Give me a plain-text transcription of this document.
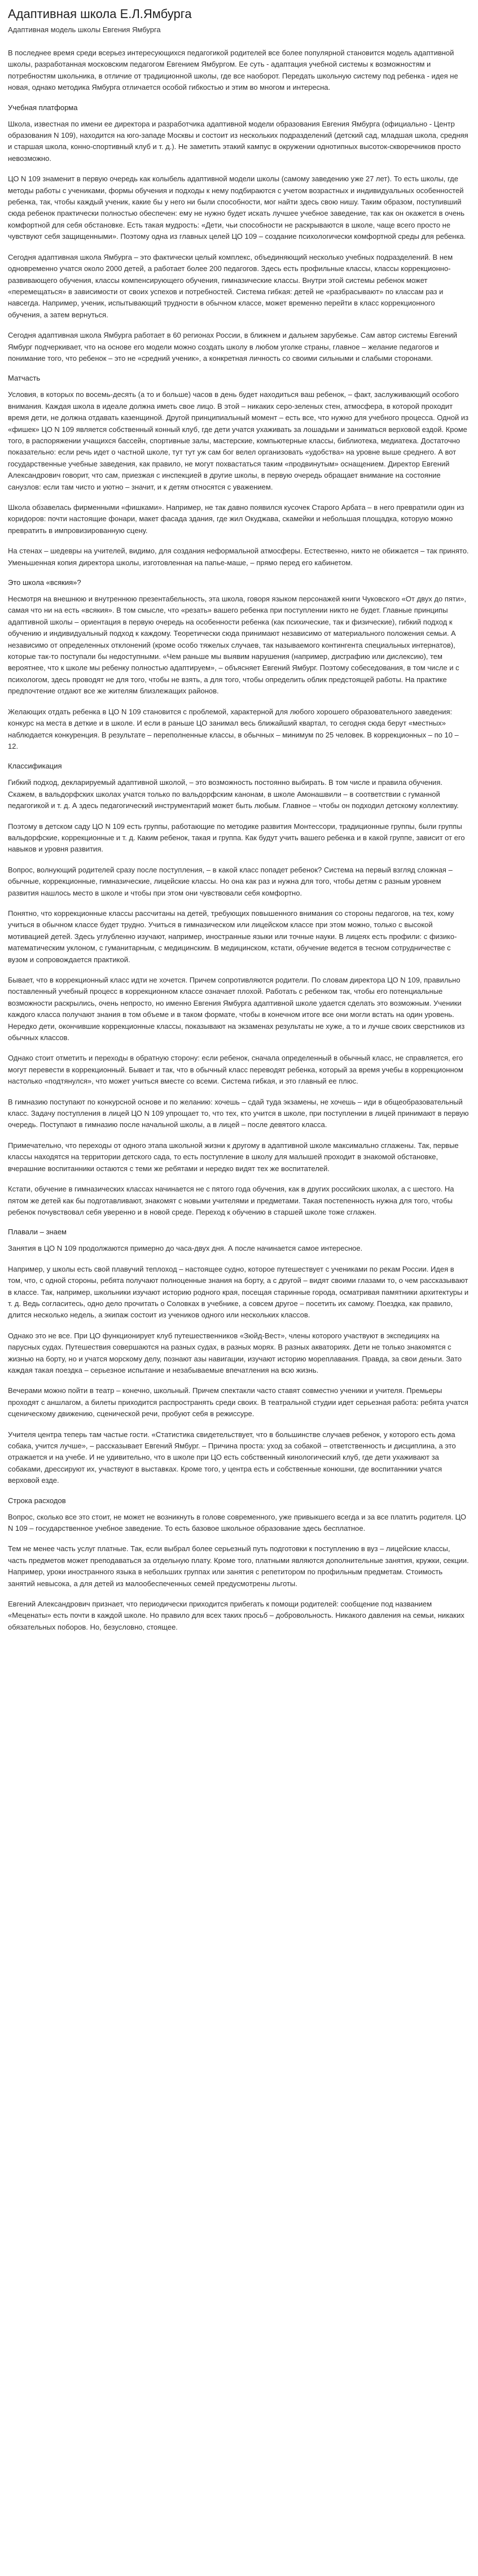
Адаптивная школа Е.Л.Ямбурга

Адаптивная модель школы Евгения Ямбурга

В последнее время среди всерьез интересующихся педагогикой родителей все более популярной становится модель адаптивной школы, разработанная московским педагогом Евгением Ямбургом. Ее суть - адаптация учебной системы к возможностям и потребностям школьника, в отличие от традиционной школы, где все наоборот. Передать школьную систему под ребенка - идея не новая, однако методика Ямбурга отличается особой гибкостью и этим во многом и интересна.

Учебная платформа

Школа, известная по имени ее директора и разработчика адаптивной модели образования Евгения Ямбурга (официально - Центр образования N 109), находится на юго-западе Москвы и состоит из нескольких подразделений (детский сад, младшая школа, средняя и старшая школа, конно-спортивный клуб и т. д.). Не заметить этакий кампус в окружении однотипных высоток-скворечников просто невозможно.

ЦО N 109 знаменит в первую очередь как колыбель адаптивной модели школы (самому заведению уже 27 лет). То есть школы, где методы работы с учениками, формы обучения и подходы к нему подбираются с учетом возрастных и индивидуальных особенностей ребенка, так, чтобы каждый ученик, какие бы у него ни были способности, мог найти здесь свою нишу. Таким образом, поступивший сюда ребенок практически полностью обеспечен: ему не нужно будет искать лучшее учебное заведение, так как он окажется в очень комфортной для себя обстановке. Есть такая мудрость: «Дети, чьи способности не раскрываются в школе, чаще всего просто не чувствуют себя защищенными». Поэтому одна из главных целей ЦО 109 – создание психологически комфортной среды для ребенка.

Сегодня адаптивная школа Ямбурга – это фактически целый комплекс, объединяющий несколько учебных подразделений. В нем одновременно учатся около 2000 детей, а работает более 200 педагогов. Здесь есть профильные классы, классы коррекционно-развивающего обучения, классы компенсирующего обучения, гимназические классы. Внутри этой системы ребенок может «перемещаться» в зависимости от своих успехов и потребностей. Система гибкая: детей не «разбрасывают» по классам раз и навсегда. Например, ученик, испытывающий трудности в обычном классе, может временно перейти в класс коррекционного обучения, а затем вернуться.

Сегодня адаптивная школа Ямбурга работает в 60 регионах России, в ближнем и дальнем зарубежье. Сам автор системы Евгений Ямбург подчеркивает, что на основе его модели можно создать школу в любом уголке страны, главное – желание педагогов и понимание того, что ребенок – это не «средний ученик», а конкретная личность со своими сильными и слабыми сторонами.

Матчасть

Условия, в которых по восемь-десять (а то и больше) часов в день будет находиться ваш ребенок, – факт, заслуживающий особого внимания. Каждая школа в идеале должна иметь свое лицо. В этой – никаких серо-зеленых стен, атмосфера, в которой проходит время дети, не должна отдавать казенщиной. Другой принципиальный момент – есть все, что нужно для учебного процесса. Одной из «фишек» ЦО N 109 является собственный конный клуб, где дети учатся ухаживать за лошадьми и заниматься верховой ездой. Кроме того, в распоряжении учащихся бассейн, спортивные залы, мастерские, компьютерные классы, библиотека, медиатека. Достаточно показательно: если речь идет о частной школе, тут тут уж сам бог велел организовать «удобства» на уровне выше среднего. А вот государственные учебные заведения, как правило, не могут похвастаться таким «продвинутым» оснащением. Директор Евгений Александрович говорит, что сам, приезжая с инспекцией в другие школы, в первую очередь обращает внимание на состояние санузлов: если там чисто и уютно – значит, и к детям относятся с уважением.

Школа обзавелась фирменными «фишками». Например, не так давно появился кусочек Старого Арбата – в него превратили один из коридоров: почти настоящие фонари, макет фасада здания, где жил Окуджава, скамейки и небольшая площадка, которую можно превратить в импровизированную сцену.

На стенах – шедевры на учителей, видимо, для создания неформальной атмосферы. Естественно, никто не обижается – так принято. Уменьшенная копия директора школы, изготовленная на папье-маше, – прямо перед его кабинетом.

Это школа «всякия»?

Несмотря на внешнюю и внутреннюю презентабельность, эта школа, говоря языком персонажей книги Чуковского «От двух до пяти», самая что ни на есть «всякия». В том смысле, что «резать» вашего ребенка при поступлении никто не будет. Главные принципы адаптивной школы – ориентация в первую очередь на особенности ребенка (как психические, так и физические), гибкий подход к обучению и индивидуальный подход к каждому. Теоретически сюда принимают независимо от материального положения семьи. А независимо от определенных отклонений (кроме особо тяжелых случаев, так называемого контингента специальных интернатов), которые так-то поступали бы недоступными. «Чем раньше мы выявим нарушения (например, дисграфию или дислексию), тем вероятнее, что к школе мы ребенку полностью адаптируем», – объясняет Евгений Ямбург. Поэтому собеседования, в том числе и с психологом, здесь проводят не для того, чтобы не взять, а для того, чтобы определить облик предстоящей работы. На практике предпочтение отдают все же жителям близлежащих районов.

Желающих отдать ребенка в ЦО N 109 становится с проблемой, характерной для любого хорошего образовательного заведения: конкурс на места в деткие и в школе. И если в раньше ЦО занимал весь ближайший квартал, то сегодня сюда берут «местных» наблюдается конкуренция. В результате – переполненные классы, в обычных – минимум по 25 человек. В коррекционных – по 10 – 12.

Классификация

Гибкий подход, декларируемый адаптивной школой, – это возможность постоянно выбирать. В том числе и правила обучения. Скажем, в вальдорфских школах учатся только по вальдорфским канонам, в школе Амонашвили – в соответствии с гуманной педагогикой и т. д. А здесь педагогический инструментарий может быть любым. Главное – чтобы он подходил детскому коллективу.

Поэтому в детском саду ЦО N 109 есть группы, работающие по методике развития Монтессори, традиционные группы, были группы вальдорфские, коррекционные и т. д. Каким ребенок, такая и группа. Как будут учить вашего ребенка и в какой группе, зависит от его навыков и уровня развития.

Вопрос, волнующий родителей сразу после поступления, – в какой класс попадет ребенок? Система на первый взгляд сложная – обычные, коррекционные, гимназические, лицейские классы. Но она как раз и нужна для того, чтобы детям с разным уровнем развития нашлось место в школе и чтобы при этом они чувствовали себя комфортно.

Понятно, что коррекционные классы рассчитаны на детей, требующих повышенного внимания со стороны педагогов, на тех, кому учиться в обычном классе будет трудно. Учиться в гимназическом или лицейском классе при этом можно, только с высокой мотивацией детей. Здесь углубленно изучают, например, иностранные языки или точные науки. В лицеях есть профили: с физико-математическим уклоном, с гуманитарным, с медицинским. В медицинском, кстати, обучение ведется в тесном сотрудничестве с вузом и сопровождается практикой.

Бывает, что в коррекционный класс идти не хочется. Причем сопротивляются родители. По словам директора ЦО N 109, правильно поставленный учебный процесс в коррекционном классе означает плохой. Работать с ребенком так, чтобы его потенциальные возможности раскрылись, очень непросто, но именно Евгения Ямбурга адаптивной школе удается сделать это возможным. Ученики каждого класса получают знания в том объеме и в таком формате, чтобы в конечном итоге все они могли встать на один уровень. Нередко дети, окончившие коррекционные классы, показывают на экзаменах результаты не хуже, а то и лучше своих сверстников из обычных классов.

Однако стоит отметить и переходы в обратную сторону: если ребенок, сначала определенный в обычный класс, не справляется, его могут перевести в коррекционный. Бывает и так, что в обычный класс переводят ребенка, который за время учебы в коррекционном настолько «подтянулся», что может учиться вместе со всеми. Система гибкая, и это главный ее плюс.

В гимназию поступают по конкурсной основе и по желанию: хочешь – сдай туда экзамены, не хочешь – иди в общеобразовательный класс. Задачу поступления в лицей ЦО N 109 упрощает то, что тех, кто учится в школе, при поступлении в лицей принимают в первую очередь. Поступают в гимназию после начальной школы, а в лицей – после девятого класса.

Примечательно, что переходы от одного этапа школьной жизни к другому в адаптивной школе максимально сглажены. Так, первые классы находятся на территории детского сада, то есть поступление в школу для малышей проходит в знакомой обстановке, вчерашние воспитанники остаются с теми же ребятами и нередко видят тех же воспитателей.

Кстати, обучение в гимназических классах начинается не с пятого года обучения, как в других российских школах, а с шестого. На пятом же детей как бы подготавливают, знакомят с новыми учителями и предметами. Такая постепенность нужна для того, чтобы ребенок почувствовал себя уверенно и в новой среде. Переход к обучению в старшей школе тоже сглажен.

Плавали – знаем

Занятия в ЦО N 109 продолжаются примерно до часа-двух дня. А после начинается самое интересное.

Например, у школы есть свой плавучий теплоход – настоящее судно, которое путешествует с учениками по рекам России. Идея в том, что, с одной стороны, ребята получают полноценные знания на борту, а с другой – видят своими глазами то, о чем рассказывают в классе. Так, например, школьники изучают историю родного края, посещая старинные города, осматривая памятники архитектуры и т. д. Ведь согласитесь, одно дело прочитать о Соловках в учебнике, а совсем другое – посетить их самому. Поездка, как правило, длится несколько недель, а экипаж состоит из учеников одного или нескольких классов.

Однако это не все. При ЦО функционирует клуб путешественников «Зюйд-Вест», члены которого участвуют в экспедициях на парусных судах. Путешествия совершаются на разных судах, в разных морях. В разных акваториях. Дети не только знакомятся с жизнью на борту, но и учатся морскому делу, познают азы навигации, изучают историю мореплавания. Правда, за свои деньги. Зато каждая такая поездка – серьезное испытание и незабываемые впечатления на всю жизнь.

Вечерами можно пойти в театр – конечно, школьный. Причем спектакли часто ставят совместно ученики и учителя. Премьеры проходят с аншлагом, а билеты приходится распространять среди своих. В театральной студии идет серьезная работа: ребята учатся сценическому движению, сценической речи, пробуют себя в режиссуре.

Учителя центра теперь там частые гости. «Статистика свидетельствует, что в большинстве случаев ребенок, у которого есть дома собака, учится лучше», – рассказывает Евгений Ямбург. – Причина проста: уход за собакой – ответственность и дисциплина, а это отражается и на учебе. И не удивительно, что в школе при ЦО есть собственный кинологический клуб, где дети ухаживают за собаками, дрессируют их, участвуют в выставках. Кроме того, у центра есть и собственные конюшни, где воспитанники учатся верховой езде.

Строка расходов

Вопрос, сколько все это стоит, не может не возникнуть в голове современного, уже привыкшего всегда и за все платить родителя. ЦО N 109 – государственное учебное заведение. То есть базовое школьное образование здесь бесплатное.

Тем не менее часть услуг платные. Так, если выбрал более серьезный путь подготовки к поступлению в вуз – лицейские классы, часть предметов может преподаваться за отдельную плату. Кроме того, платными являются дополнительные занятия, кружки, секции. Например, уроки иностранного языка в небольших группах или занятия с репетитором по профильным предметам. Стоимость занятий невысока, а для детей из малообеспеченных семей предусмотрены льготы.

Евгений Александрович признает, что периодически приходится прибегать к помощи родителей: сообщение под названием «Меценаты» есть почти в каждой школе. Но правило для всех таких просьб – добровольность. Никакого давления на семьи, никаких обязательных поборов. Но, безусловно, стоящее.
